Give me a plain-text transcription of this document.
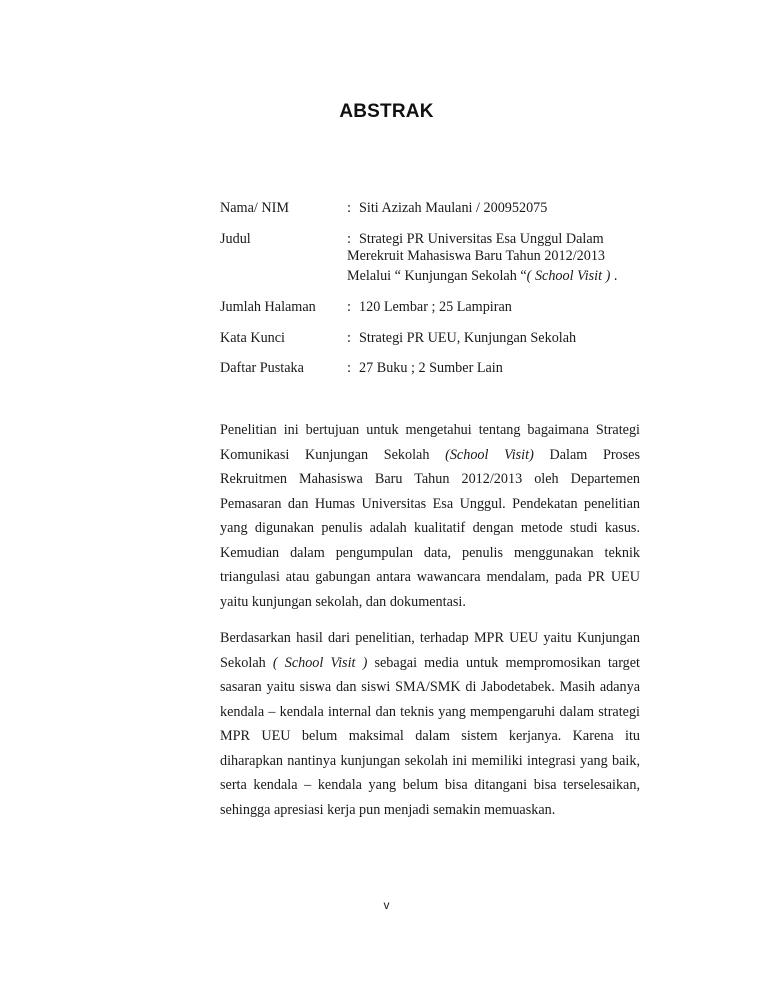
ABSTRAK
Nama/ NIM	: Siti Azizah Maulani / 200952075
Judul	: Strategi PR Universitas Esa Unggul Dalam
Merekruit Mahasiswa Baru Tahun 2012/2013
Melalui “ Kunjungan Sekolah “( School Visit ) .
Jumlah Halaman : 120 Lembar ; 25 Lampiran
Kata Kunci	: Strategi PR UEU, Kunjungan Sekolah
Daftar Pustaka	: 27 Buku ; 2 Sumber Lain
Penelitian ini bertujuan untuk mengetahui tentang bagaimana Strategi
Komunikasi Kunjungan Sekolah (School Visit) Dalam Proses
Rekruitmen Mahasiswa Baru Tahun 2012/2013 oleh Departemen
Pemasaran dan Humas Universitas Esa Unggul. Pendekatan penelitian
yang digunakan penulis adalah kualitatif dengan metode studi kasus.
Kemudian dalam pengumpulan data, penulis menggunakan teknik
triangulasi atau gabungan antara wawancara mendalam, pada PR UEU
yaitu kunjungan sekolah, dan dokumentasi.
Berdasarkan hasil dari penelitian, terhadap MPR UEU yaitu Kunjungan
Sekolah ( School Visit ) sebagai media untuk mempromosikan target
sasaran yaitu siswa dan siswi SMA/SMK di Jabodetabek. Masih adanya
kendala – kendala internal dan teknis yang mempengaruhi dalam strategi
MPR UEU belum maksimal dalam sistem kerjanya. Karena itu
diharapkan nantinya kunjungan sekolah ini memiliki integrasi yang baik,
serta kendala – kendala yang belum bisa ditangani bisa terselesaikan,
sehingga apresiasi kerja pun menjadi semakin memuaskan.
v
